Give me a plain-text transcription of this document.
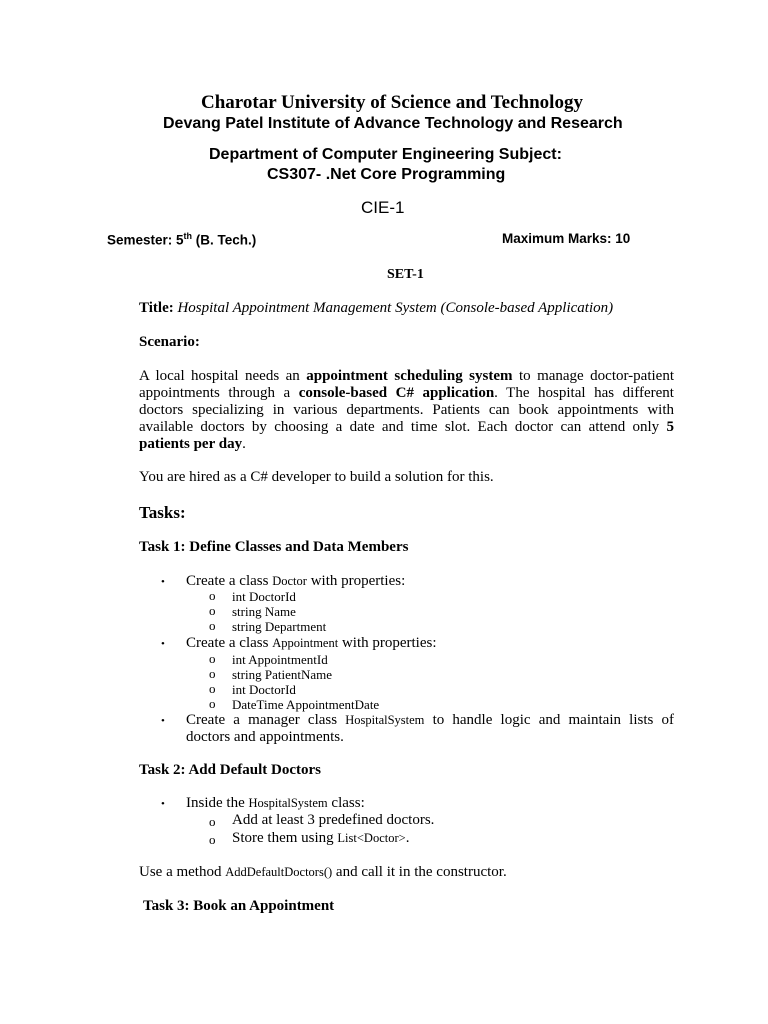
Charotar University of Science and Technology
Devang Patel Institute of Advance Technology and Research
Department of Computer Engineering Subject:
CS307- .Net Core Programming
CIE-1
Semester: 5th (B. Tech.)	Maximum Marks: 10
SET-1
Title: Hospital Appointment Management System (Console-based Application)
Scenario:
A local hospital needs an appointment scheduling system to manage doctor-patient
appointments through a console-based C# application. The hospital has different
doctors specializing in various departments. Patients can book appointments with
available doctors by choosing a date and time slot. Each doctor can attend only 5
patients per day.
You are hired as a C# developer to build a solution for this.
Tasks:
Task 1: Define Classes and Data Members
• Create a class Doctor with properties:
o int DoctorId
o string Name
o string Department
• Create a class Appointment with properties:
o int AppointmentId
o string PatientName
o int DoctorId
o DateTime AppointmentDate
• Create a manager class HospitalSystem to handle logic and maintain lists of
doctors and appointments.
Task 2: Add Default Doctors
• Inside the HospitalSystem class:
o Add at least 3 predefined doctors.
o Store them using List<Doctor>.
Use a method AddDefaultDoctors() and call it in the constructor.
Task 3: Book an Appointment
